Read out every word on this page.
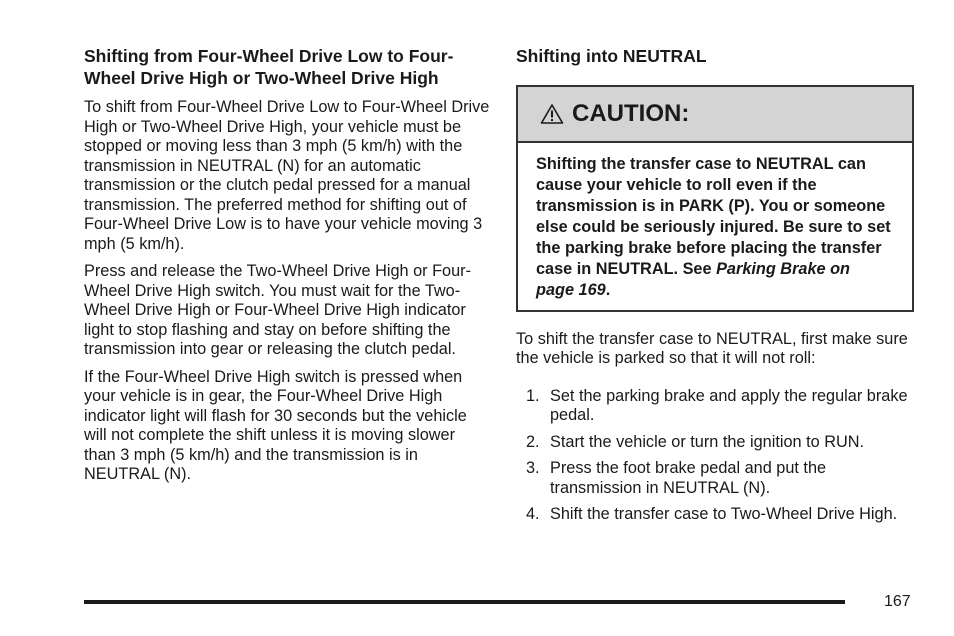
Shifting from Four-Wheel Drive Low to Four-Wheel Drive High or Two-Wheel Drive High

To shift from Four-Wheel Drive Low to Four-Wheel Drive High or Two-Wheel Drive High, your vehicle must be stopped or moving less than 3 mph (5 km/h) with the transmission in NEUTRAL (N) for an automatic transmission or the clutch pedal pressed for a manual transmission. The preferred method for shifting out of Four-Wheel Drive Low is to have your vehicle moving 3 mph (5 km/h).

Press and release the Two-Wheel Drive High or Four-Wheel Drive High switch. You must wait for the Two-Wheel Drive High or Four-Wheel Drive High indicator light to stop flashing and stay on before shifting the transmission into gear or releasing the clutch pedal.

If the Four-Wheel Drive High switch is pressed when your vehicle is in gear, the Four-Wheel Drive High indicator light will flash for 30 seconds but the vehicle will not complete the shift unless it is moving slower than 3 mph (5 km/h) and the transmission is in NEUTRAL (N).

Shifting into NEUTRAL
CAUTION:
Shifting the transfer case to NEUTRAL can cause your vehicle to roll even if the transmission is in PARK (P). You or someone else could be seriously injured. Be sure to set the parking brake before placing the transfer case in NEUTRAL. See Parking Brake on page 169.

To shift the transfer case to NEUTRAL, first make sure the vehicle is parked so that it will not roll:

1. Set the parking brake and apply the regular brake pedal.
2. Start the vehicle or turn the ignition to RUN.
3. Press the foot brake pedal and put the transmission in NEUTRAL (N).
4. Shift the transfer case to Two-Wheel Drive High.
167
